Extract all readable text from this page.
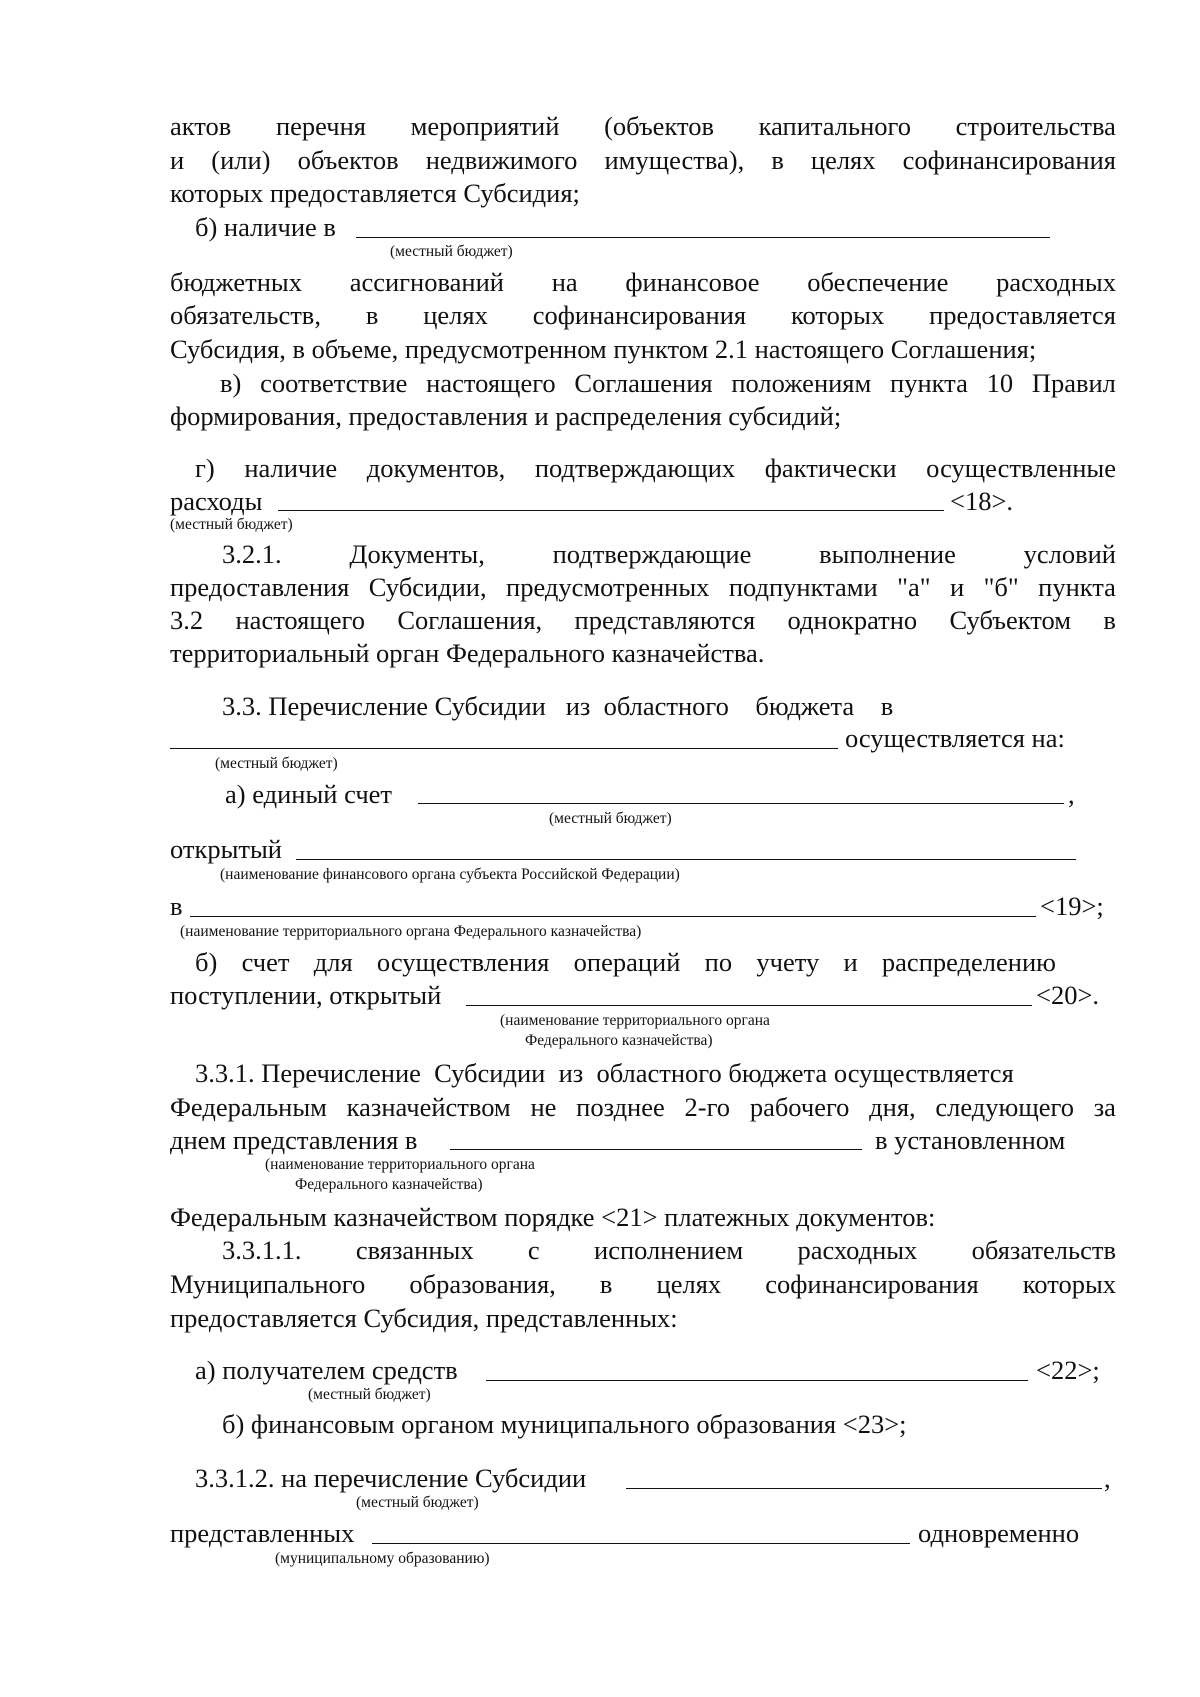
актов перечня мероприятий (объектов капитального строительства
и (или) объектов недвижимого имущества), в целях софинансирования
которых предоставляется Субсидия;
б) наличие в
(местный бюджет)
бюджетных ассигнований на финансовое обеспечение расходных
обязательств, в целях софинансирования которых предоставляется
Субсидия, в объеме, предусмотренном пунктом 2.1 настоящего Соглашения;
в) соответствие настоящего Соглашения положениям пункта 10 Правил
формирования, предоставления и распределения субсидий;
г) наличие документов, подтверждающих фактически осуществленные
расходы	<18>.
(местный бюджет)
3.2.1.	Документы,	подтверждающие	выполнение	условий
предоставления Субсидии, предусмотренных подпунктами "а" и "б" пункта
3.2 настоящего Соглашения, представляются однократно Субъектом в
территориальный орган Федерального казначейства.
3.3. Перечисление Субсидии   из  областного    бюджета    в
осуществляется на:
(местный бюджет)
а) единый счет	,
(местный бюджет)
открытый
(наименование финансового органа субъекта Российской Федерации)
в	<19>;
(наименование территориального органа Федерального казначейства)
б) счет для осуществления операций по учету и распределению
поступлении, открытый	<20>.
(наименование территориального органа
Федерального казначейства)
3.3.1. Перечисление  Субсидии  из  областного бюджета осуществляется
Федеральным казначейством не позднее 2-го рабочего дня, следующего за
днем представления в	в установленном
(наименование территориального органа
Федерального казначейства)
Федеральным казначейством порядке <21> платежных документов:
3.3.1.1. связанных с исполнением расходных обязательств
Муниципального образования, в целях софинансирования которых
предоставляется Субсидия, представленных:
а) получателем средств	<22>;
(местный бюджет)
б) финансовым органом муниципального образования <23>;
3.3.1.2. на перечисление Субсидии	,
(местный бюджет)
представленных	одновременно
(муниципальному образованию)
